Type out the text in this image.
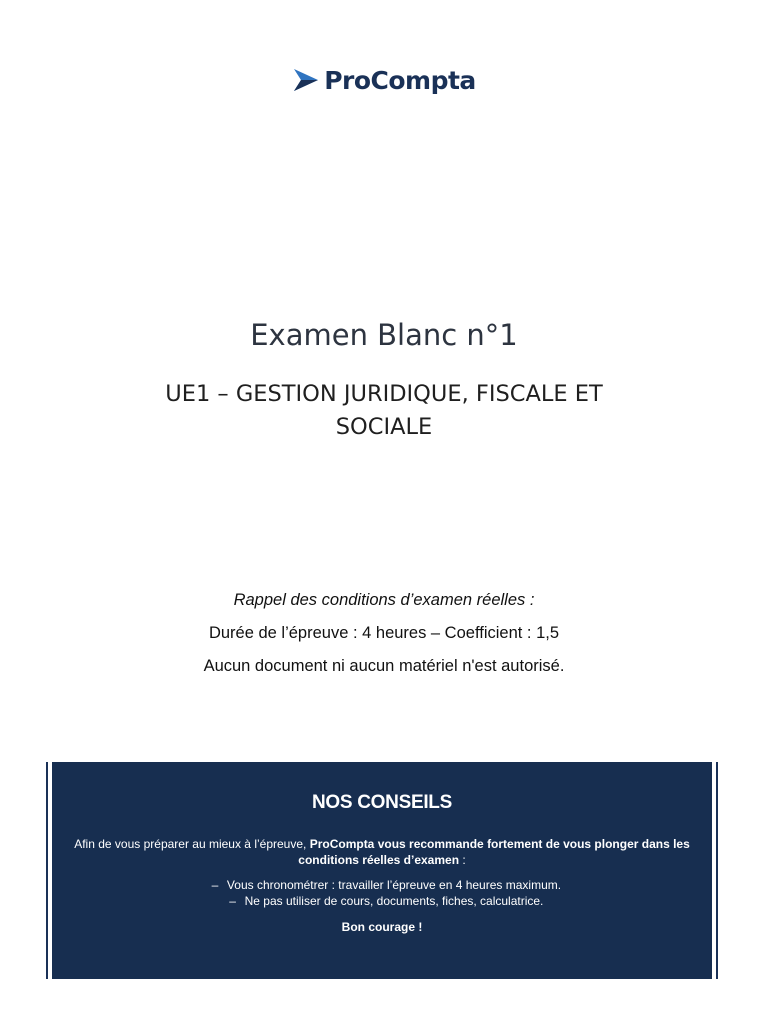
ProCompta
Examen Blanc n°1
UE1 – GESTION JURIDIQUE, FISCALE ET SOCIALE

Rappel des conditions d’examen réelles :

Durée de l’épreuve : 4 heures – Coefficient : 1,5

Aucun document ni aucun matériel n'est autorisé.

NOS CONSEILS

Afin de vous préparer au mieux à l’épreuve, ProCompta vous recommande fortement de vous plonger dans les conditions réelles d’examen :

– Vous chronométrer : travailler l’épreuve en 4 heures maximum.
– Ne pas utiliser de cours, documents, fiches, calculatrice.

Bon courage !
